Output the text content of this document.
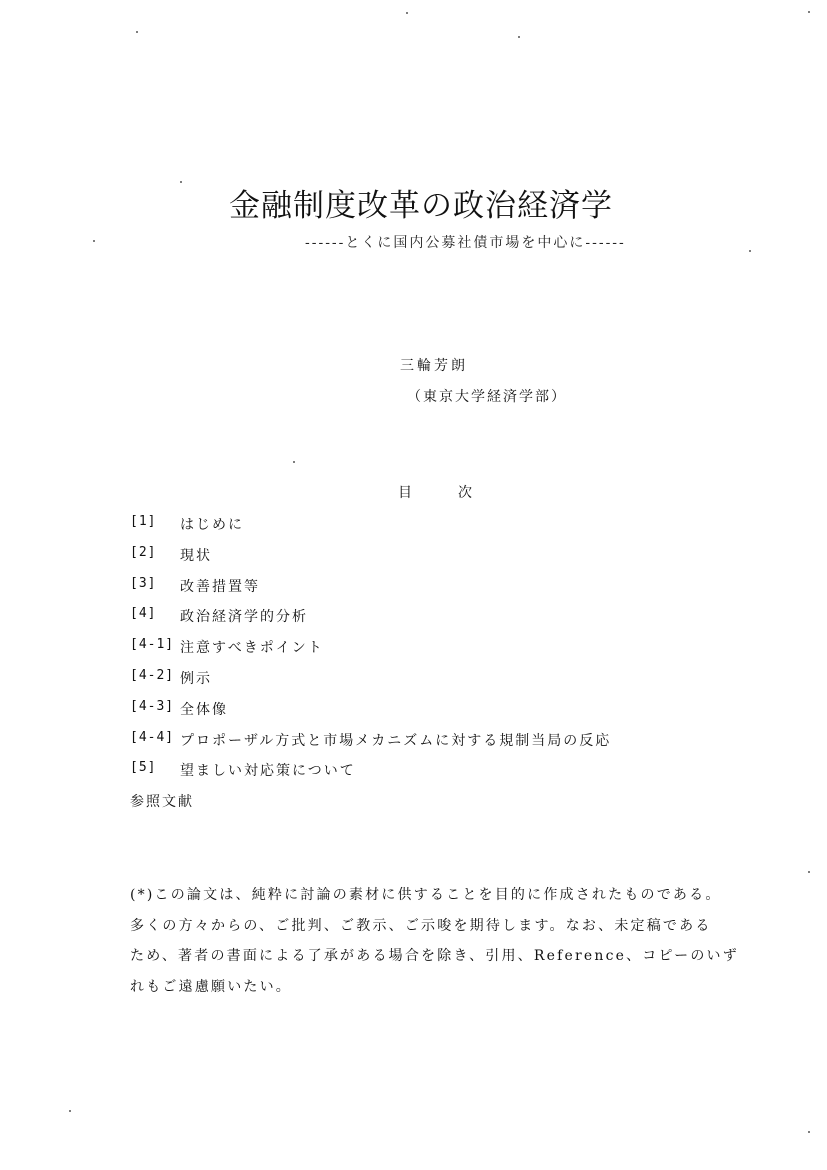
金融制度改革の政治経済学
------とくに国内公募社債市場を中心に------
三輪芳朗
（東京大学経済学部）
目　次
[1]	はじめに
[2]	現状
[3]	改善措置等
[4]	政治経済学的分析
[4-1] 注意すべきポイント
[4-2] 例示
[4-3] 全体像
[4-4] プロポーザル方式と市場メカニズムに対する規制当局の反応
[5]	望ましい対応策について
参照文献
(*)この論文は、純粋に討論の素材に供することを目的に作成されたものである。
多くの方々からの、ご批判、ご教示、ご示唆を期待します。なお、未定稿である
ため、著者の書面による了承がある場合を除き、引用、Reference、コピーのいず
れもご遠慮願いたい。
